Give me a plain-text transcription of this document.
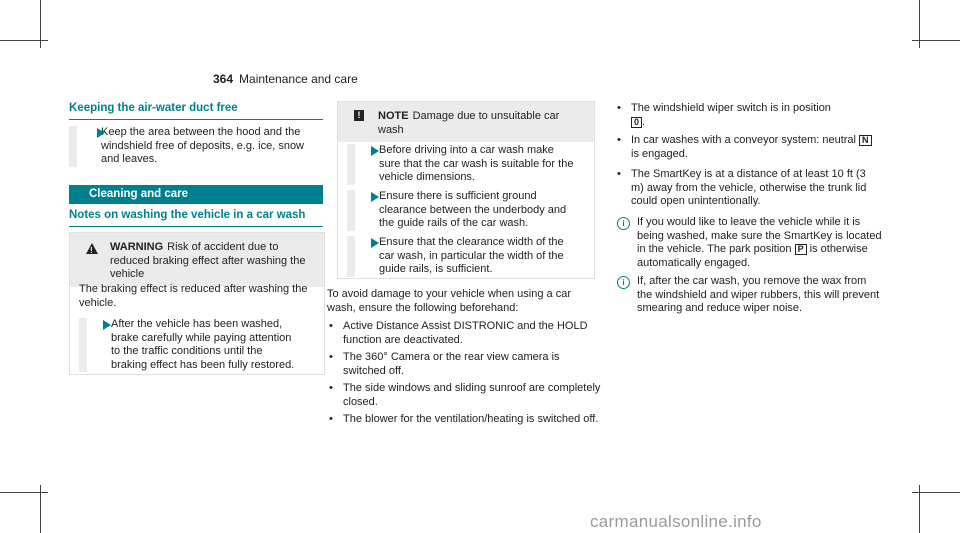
364 Maintenance and care
Keeping the air-water duct free
Keep the area between the hood and the windshield free of deposits, e.g. ice, snow and leaves.
Cleaning and care
Notes on washing the vehicle in a car wash
!
WARNING Risk of accident due to reduced braking effect after washing the vehicle
The braking effect is reduced after washing the vehicle.
After the vehicle has been washed, brake carefully while paying attention to the traffic conditions until the braking effect has been fully restored.
!	NOTE Damage due to unsuitable car wash
Before driving into a car wash make sure that the car wash is suitable for the vehicle dimensions.
Ensure there is sufficient ground clearance between the underbody and the guide rails of the car wash.
Ensure that the clearance width of the car wash, in particular the width of the guide rails, is sufficient.
To avoid damage to your vehicle when using a car wash, ensure the following beforehand:
• Active Distance Assist DISTRONIC and the HOLD function are deactivated.
• The 360° Camera or the rear view camera is switched off.
• The side windows and sliding sunroof are completely closed.
• The blower for the ventilation/heating is switched off.
• The windshield wiper switch is in position
0 .
• In car washes with a conveyor system: neutral N is engaged.
• The SmartKey is at a distance of at least 10 ft (3 m) away from the vehicle, otherwise the trunk lid could open unintentionally.
i	If you would like to leave the vehicle while it is being washed, make sure the SmartKey is located in the vehicle. The park position P is otherwise automatically engaged.
i	If, after the car wash, you remove the wax from the windshield and wiper rubbers, this will prevent smearing and reduce wiper noise.
carmanualsonline.info
